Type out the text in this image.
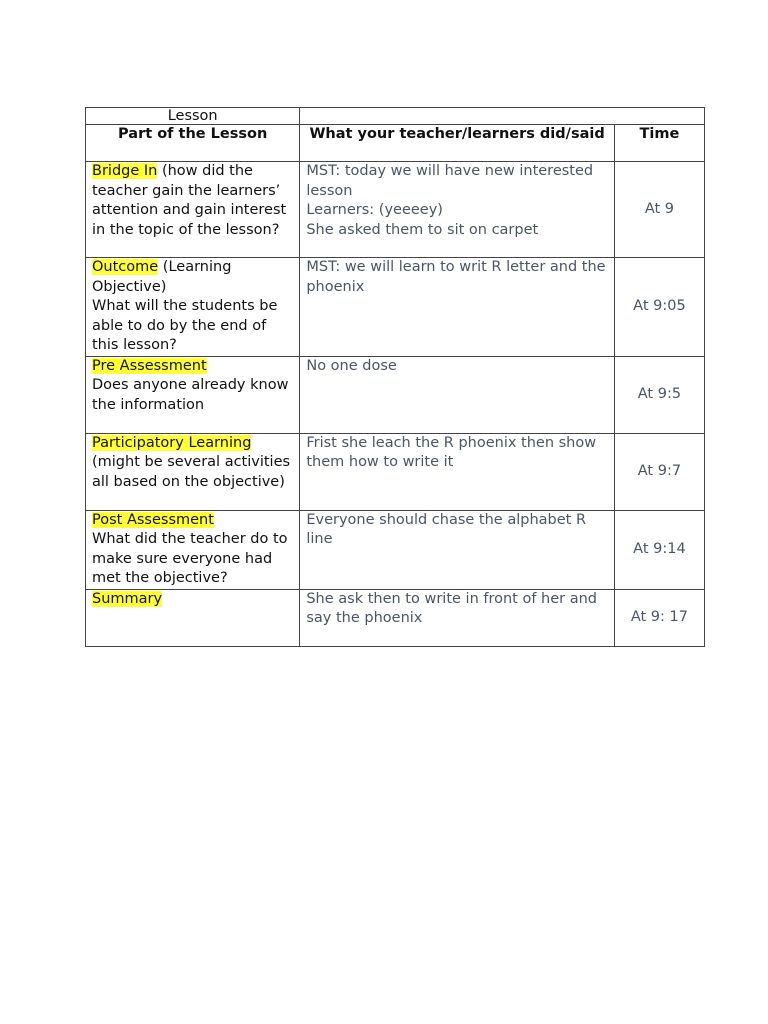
Lesson		
Part of the Lesson	What your teacher/learners did/said	Time
Bridge In (how did the teacher gain the learners’ attention and gain interest in the topic of the lesson?	MST: today we will have new interested lesson
Learners: (yeeeey)
She asked them to sit on carpet	At 9
Outcome (Learning Objective)
What will the students be able to do by the end of this lesson?	MST: we will learn to writ R letter and the phoenix	At 9:05
Pre Assessment
Does anyone already know the information	No one dose	At 9:5
Participatory Learning
(might be several activities all based on the objective)	Frist she leach the R phoenix then show them how to write it	At 9:7
Post Assessment
What did the teacher do to make sure everyone had met the objective?	Everyone should chase the alphabet R line	At 9:14
Summary	She ask then to write in front of her and say the phoenix	At 9: 17
